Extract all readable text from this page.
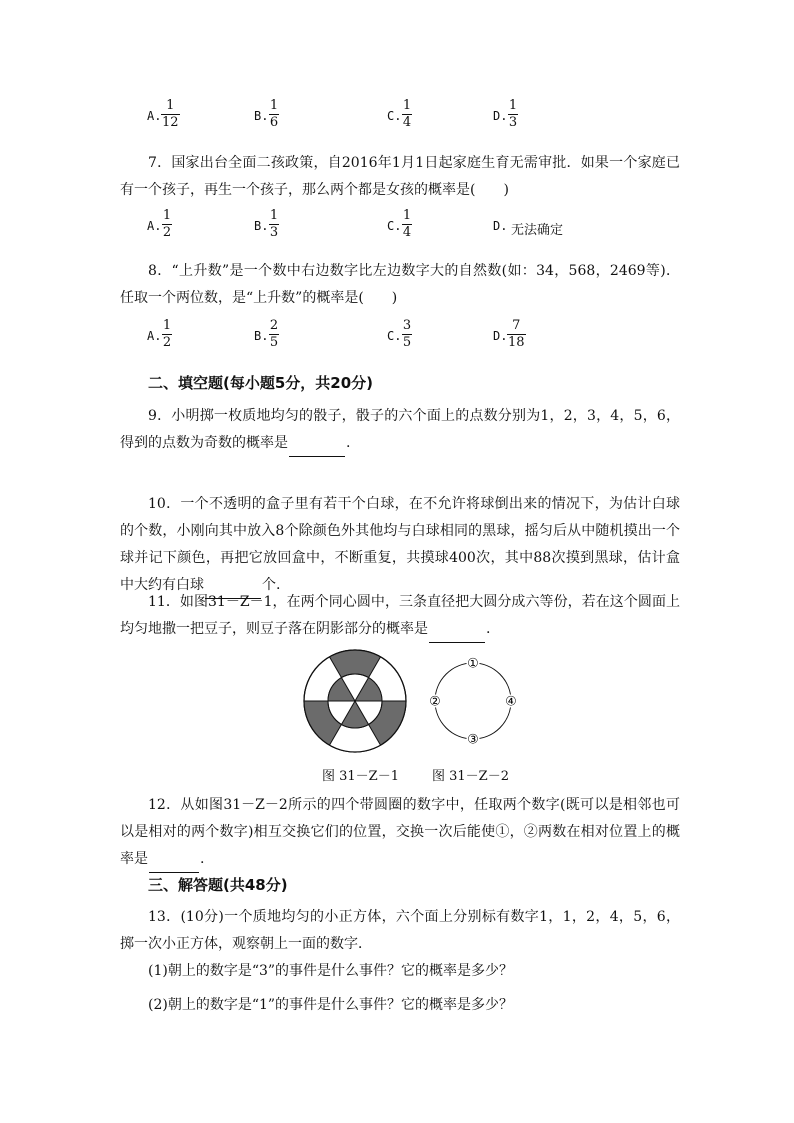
A. $\frac{1}{12}$	B. $\frac{1}{6}$	C. $\frac{1}{4}$	D. $\frac{1}{3}$
7．国家出台全面二孩政策，自2016年1月1日起家庭生育无需审批．如果一个家庭已有一个孩子，再生一个孩子，那么两个都是女孩的概率是(　　)
A. $\frac{1}{2}$	B. $\frac{1}{3}$	C. $\frac{1}{4}$	D. 无法确定
8．“上升数”是一个数中右边数字比左边数字大的自然数(如：34，568，2469等)．任取一个两位数，是“上升数”的概率是(　　)
A. $\frac{1}{2}$	B. $\frac{2}{5}$	C. $\frac{3}{5}$	D. $\frac{7}{18}$
二、填空题(每小题5分，共20分)
9．小明掷一枚质地均匀的骰子，骰子的六个面上的点数分别为1，2，3，4，5，6，得到的点数为奇数的概率是	.
10．一个不透明的盒子里有若干个白球，在不允许将球倒出来的情况下，为估计白球的个数，小刚向其中放入8个除颜色外其他均与白球相同的黑球，摇匀后从中随机摸出一个球并记下颜色，再把它放回盒中，不断重复，共摸球400次，其中88次摸到黑球，估计盒中大约有白球	个.
11．如图31－Z－1，在两个同心圆中，三条直径把大圆分成六等份，若在这个圆面上均匀地撒一把豆子，则豆子落在阴影部分的概率是	.
①
②
③
④
图 31－Z－1	图 31－Z－2
12．从如图31－Z－2所示的四个带圆圈的数字中，任取两个数字(既可以是相邻也可以是相对的两个数字)相互交换它们的位置，交换一次后能使①，②两数在相对位置上的概率是	.
三、解答题(共48分)
13．(10分)一个质地均匀的小正方体，六个面上分别标有数字1，1，2，4，5，6，掷一次小正方体，观察朝上一面的数字．
(1)朝上的数字是“3”的事件是什么事件？它的概率是多少？
(2)朝上的数字是“1”的事件是什么事件？它的概率是多少？
